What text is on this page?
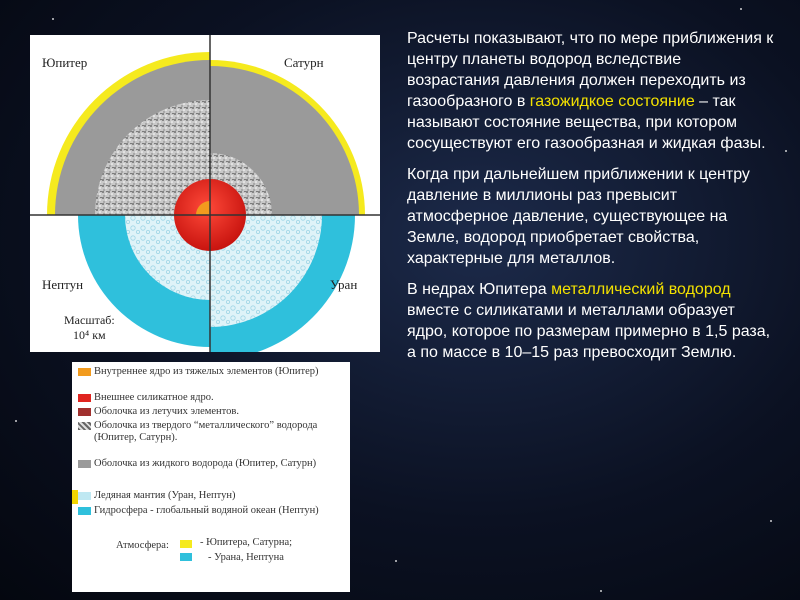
Юпитер	Сатурн
Нептун	Уран
Масштаб:
10⁴ км
Внутреннее ядро из тяжелых элементов (Юпитер)
Внешнее силикатное ядро.
Оболочка из летучих элементов.
Оболочка из твердого “металлического” водорода (Юпитер, Сатурн).
Оболочка из жидкого водорода (Юпитер, Сатурн)
Ледяная мантия (Уран, Нептун)
Гидросфера - глобальный водяной океан (Нептун)
Атмосфера:	- Юпитера, Сатурна;
- Урана, Нептуна

Расчеты показывают, что по мере приближения к центру планеты водород вследствие возрастания давления должен переходить из газообразного в газожидкое состояние – так называют состояние вещества, при котором сосуществуют его газообразная и жидкая фазы.

Когда при дальнейшем приближении к центру давление в миллионы раз превысит атмосферное давление, существующее на Земле, водород приобретает свойства, характерные для металлов.

В недрах Юпитера металлический водород вместе с силикатами и металлами образует ядро, которое по размерам примерно в 1,5 раза, а по массе в 10–15 раз превосходит Землю.
